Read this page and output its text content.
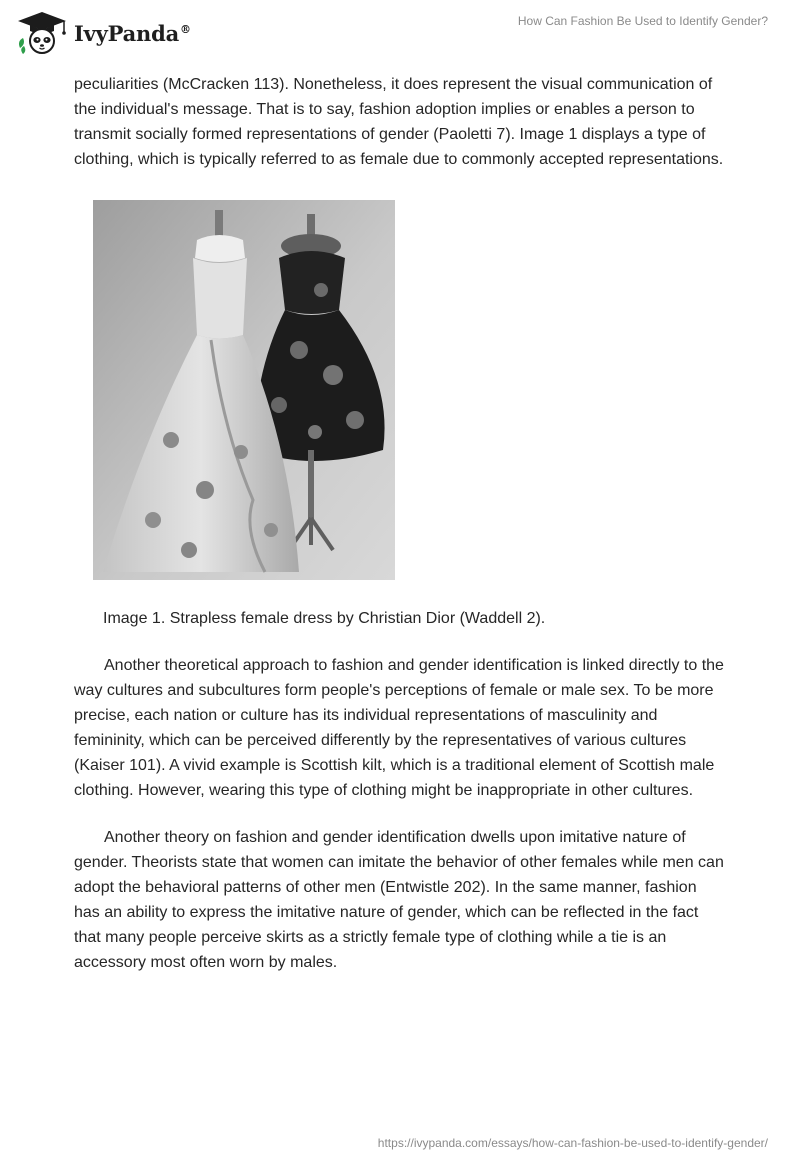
IvyPanda®
How Can Fashion Be Used to Identify Gender?

peculiarities (McCracken 113). Nonetheless, it does represent the visual communication of the individual's message. That is to say, fashion adoption implies or enables a person to transmit socially formed representations of gender (Paoletti 7). Image 1 displays a type of clothing, which is typically referred to as female due to commonly accepted representations.

Image 1. Strapless female dress by Christian Dior (Waddell 2).

Another theoretical approach to fashion and gender identification is linked directly to the way cultures and subcultures form people's perceptions of female or male sex. To be more precise, each nation or culture has its individual representations of masculinity and femininity, which can be perceived differently by the representatives of various cultures (Kaiser 101). A vivid example is Scottish kilt, which is a traditional element of Scottish male clothing. However, wearing this type of clothing might be inappropriate in other cultures.

Another theory on fashion and gender identification dwells upon imitative nature of gender. Theorists state that women can imitate the behavior of other females while men can adopt the behavioral patterns of other men (Entwistle 202). In the same manner, fashion has an ability to express the imitative nature of gender, which can be reflected in the fact that many people perceive skirts as a strictly female type of clothing while a tie is an accessory most often worn by males.

https://ivypanda.com/essays/how-can-fashion-be-used-to-identify-gender/
